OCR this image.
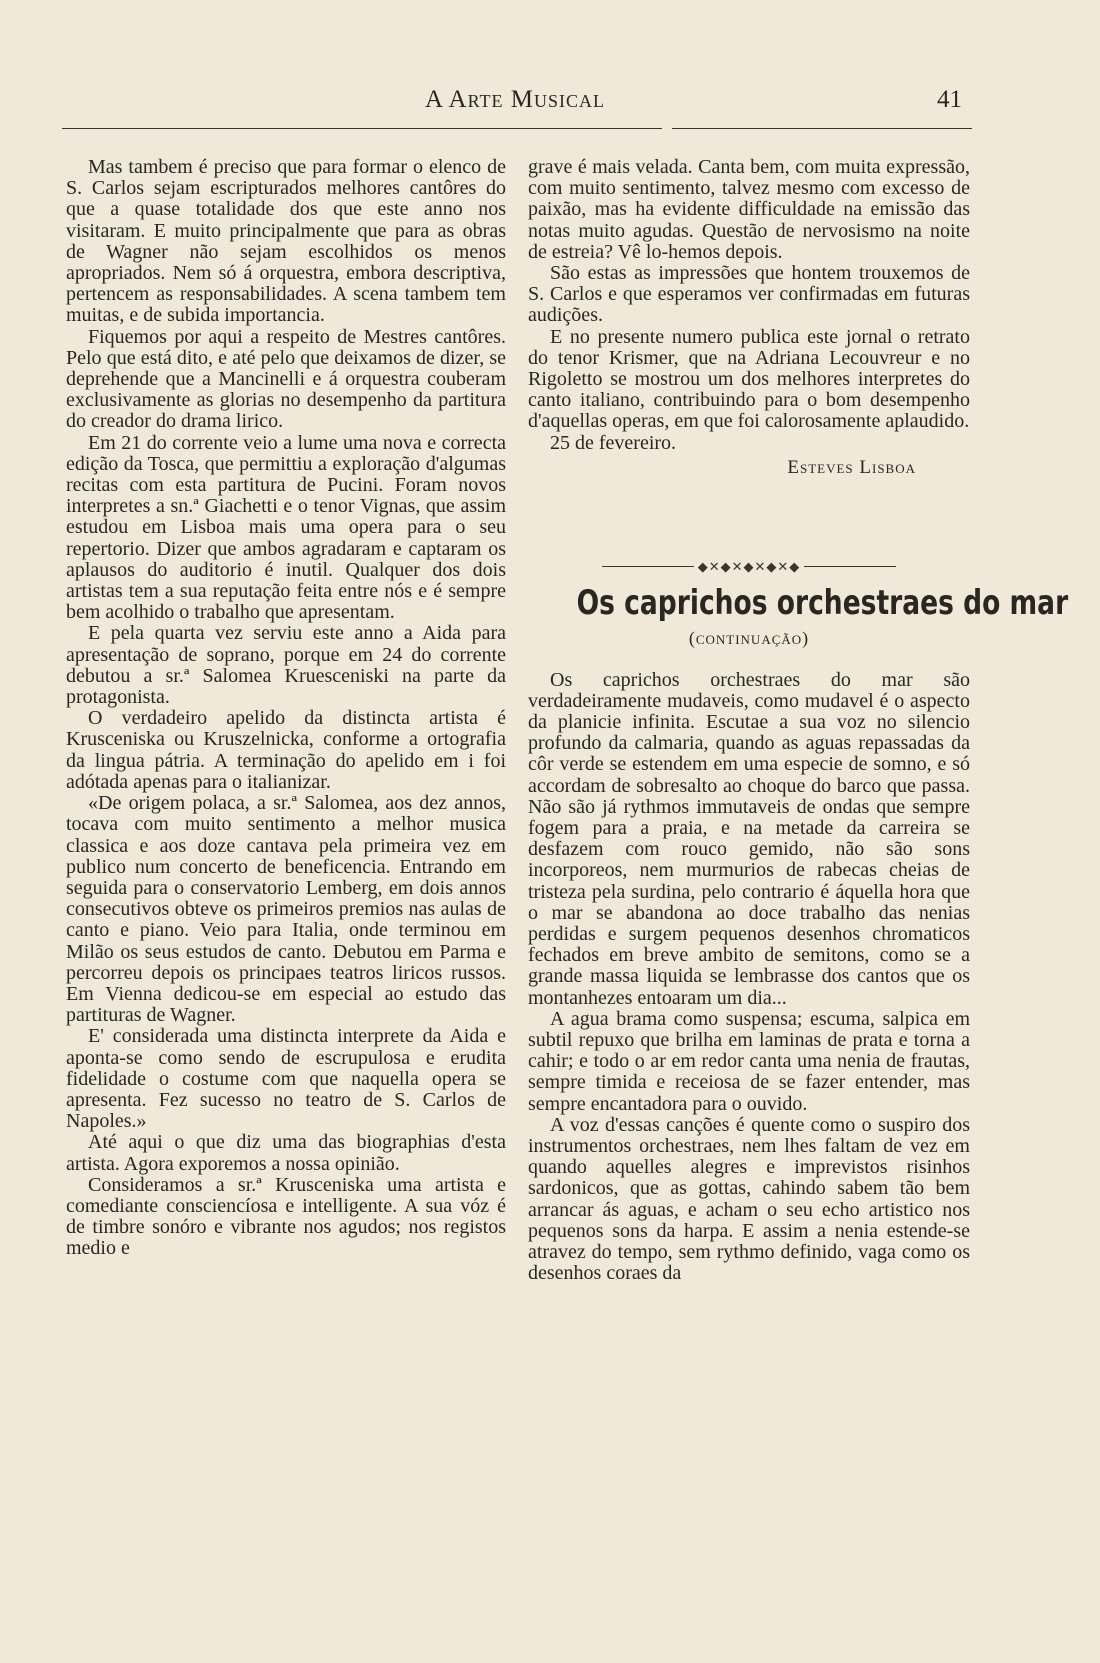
A Arte Musical	41

Mas tambem é preciso que para formar o elenco de S. Carlos sejam escripturados melhores cantôres do que a quase totalidade dos que este anno nos visitaram. E muito principalmente que para as obras de Wagner não sejam escolhidos os menos apropriados. Nem só á orquestra, embora descriptiva, pertencem as responsabilidades. A scena tambem tem muitas, e de subida importancia.

Fiquemos por aqui a respeito de Mestres cantôres. Pelo que está dito, e até pelo que deixamos de dizer, se deprehende que a Mancinelli e á orquestra couberam exclusivamente as glorias no desempenho da partitura do creador do drama lirico.

Em 21 do corrente veio a lume uma nova e correcta edição da Tosca, que permittiu a exploração d'algumas recitas com esta partitura de Pucini. Foram novos interpretes a sn.ª Giachetti e o tenor Vignas, que assim estudou em Lisboa mais uma opera para o seu repertorio. Dizer que ambos agradaram e captaram os aplausos do auditorio é inutil. Qualquer dos dois artistas tem a sua reputação feita entre nós e é sempre bem acolhido o trabalho que apresentam.

E pela quarta vez serviu este anno a Aida para apresentação de soprano, porque em 24 do corrente debutou a sr.ª Salomea Kruesceniski na parte da protagonista.

O verdadeiro apelido da distincta artista é Krusceniska ou Kruszelnicka, conforme a ortografia da lingua pátria. A terminação do apelido em i foi adótada apenas para o italianizar.

«De origem polaca, a sr.ª Salomea, aos dez annos, tocava com muito sentimento a melhor musica classica e aos doze cantava pela primeira vez em publico num concerto de beneficencia. Entrando em seguida para o conservatorio Lemberg, em dois annos consecutivos obteve os primeiros premios nas aulas de canto e piano. Veio para Italia, onde terminou em Milão os seus estudos de canto. Debutou em Parma e percorreu depois os principaes teatros liricos russos. Em Vienna dedicou-se em especial ao estudo das partituras de Wagner.

E' considerada uma distincta interprete da Aida e aponta-se como sendo de escrupulosa e erudita fidelidade o costume com que naquella opera se apresenta. Fez sucesso no teatro de S. Carlos de Napoles.»

Até aqui o que diz uma das biographias d'esta artista. Agora exporemos a nossa opinião.

Consideramos a sr.ª Krusceniska uma artista e comediante consciencíosa e intelligente. A sua vóz é de timbre sonóro e vibrante nos agudos; nos registos medio e

grave é mais velada. Canta bem, com muita expressão, com muito sentimento, talvez mesmo com excesso de paixão, mas ha evidente difficuldade na emissão das notas muito agudas. Questão de nervosismo na noite de estreia? Vê lo-hemos depois.

São estas as impressões que hontem trouxemos de S. Carlos e que esperamos ver confirmadas em futuras audições.

E no presente numero publica este jornal o retrato do tenor Krismer, que na Adriana Lecouvreur e no Rigoletto se mostrou um dos melhores interpretes do canto italiano, contribuindo para o bom desempenho d'aquellas operas, em que foi calorosamente aplaudido.

25 de fevereiro.

Esteves Lisboa
◆✕◆✕◆✕◆✕◆
Os caprichos orchestraes do mar
(continuação)

Os caprichos orchestraes do mar são verdadeiramente mudaveis, como mudavel é o aspecto da planicie infinita. Escutae a sua voz no silencio profundo da calmaria, quando as aguas repassadas da côr verde se estendem em uma especie de somno, e só accordam de sobresalto ao choque do barco que passa. Não são já rythmos immutaveis de ondas que sempre fogem para a praia, e na metade da carreira se desfazem com rouco gemido, não são sons incorporeos, nem murmurios de rabecas cheias de tristeza pela surdina, pelo contrario é áquella hora que o mar se abandona ao doce trabalho das nenias perdidas e surgem pequenos desenhos chromaticos fechados em breve ambito de semitons, como se a grande massa liquida se lembrasse dos cantos que os montanhezes entoaram um dia...

A agua brama como suspensa; escuma, salpica em subtil repuxo que brilha em laminas de prata e torna a cahir; e todo o ar em redor canta uma nenia de frautas, sempre timida e receiosa de se fazer entender, mas sempre encantadora para o ouvido.

A voz d'essas canções é quente como o suspiro dos instrumentos orchestraes, nem lhes faltam de vez em quando aquelles alegres e imprevistos risinhos sardonicos, que as gottas, cahindo sabem tão bem arrancar ás aguas, e acham o seu echo artistico nos pequenos sons da harpa. E assim a nenia estende-se atravez do tempo, sem rythmo definido, vaga como os desenhos coraes da
